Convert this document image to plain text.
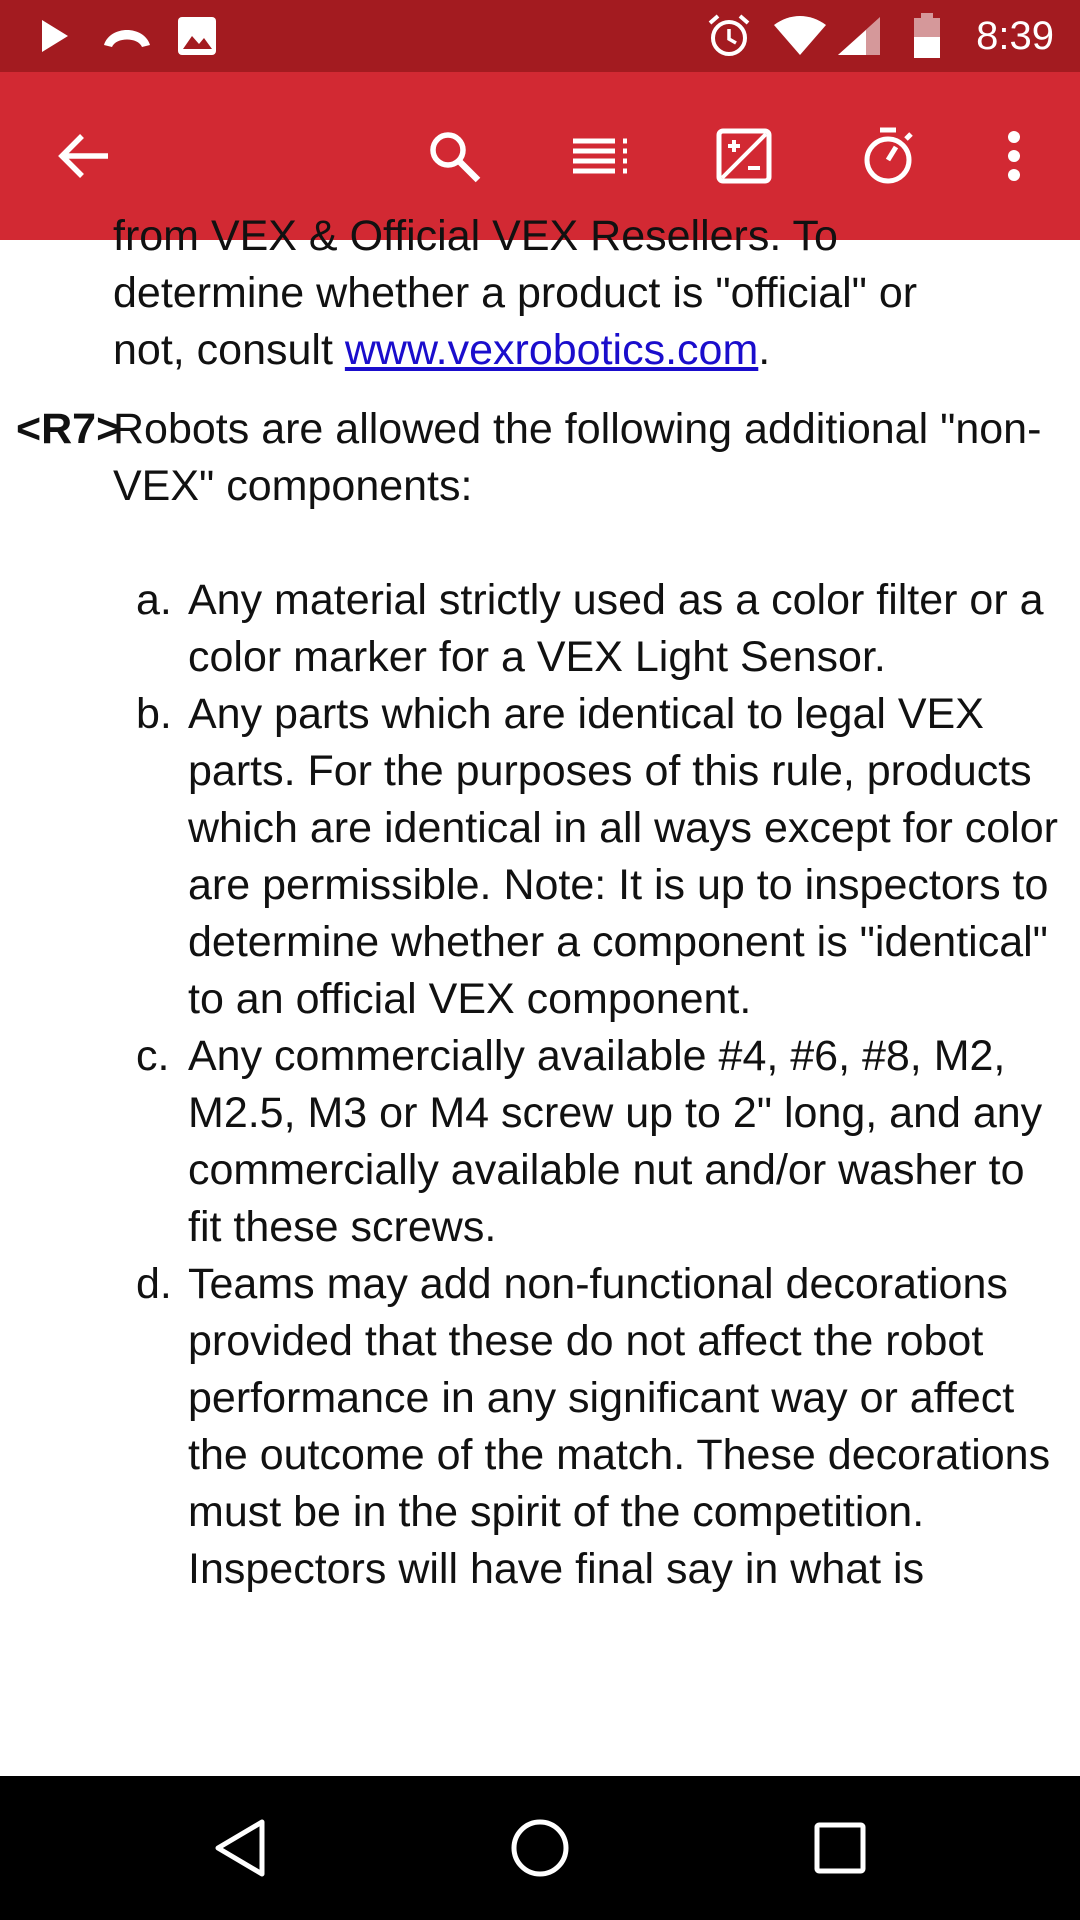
8:39
from VEX & Official VEX Resellers. To
determine whether a product is "official" or
not, consult www.vexrobotics.com.
<R7>
Robots are allowed the following additional "non-VEX" components:
a. Any material strictly used as a color filter or a color marker for a VEX Light Sensor.
b. Any parts which are identical to legal VEX parts. For the purposes of this rule, products which are identical in all ways except for color are permissible. Note: It is up to inspectors to determine whether a component is "identical" to an official VEX component.
c. Any commercially available #4, #6, #8, M2, M2.5, M3 or M4 screw up to 2" long, and any commercially available nut and/or washer to fit these screws.
d. Teams may add non-functional decorations provided that these do not affect the robot performance in any significant way or affect the outcome of the match. These decorations must be in the spirit of the competition. Inspectors will have final say in what is
